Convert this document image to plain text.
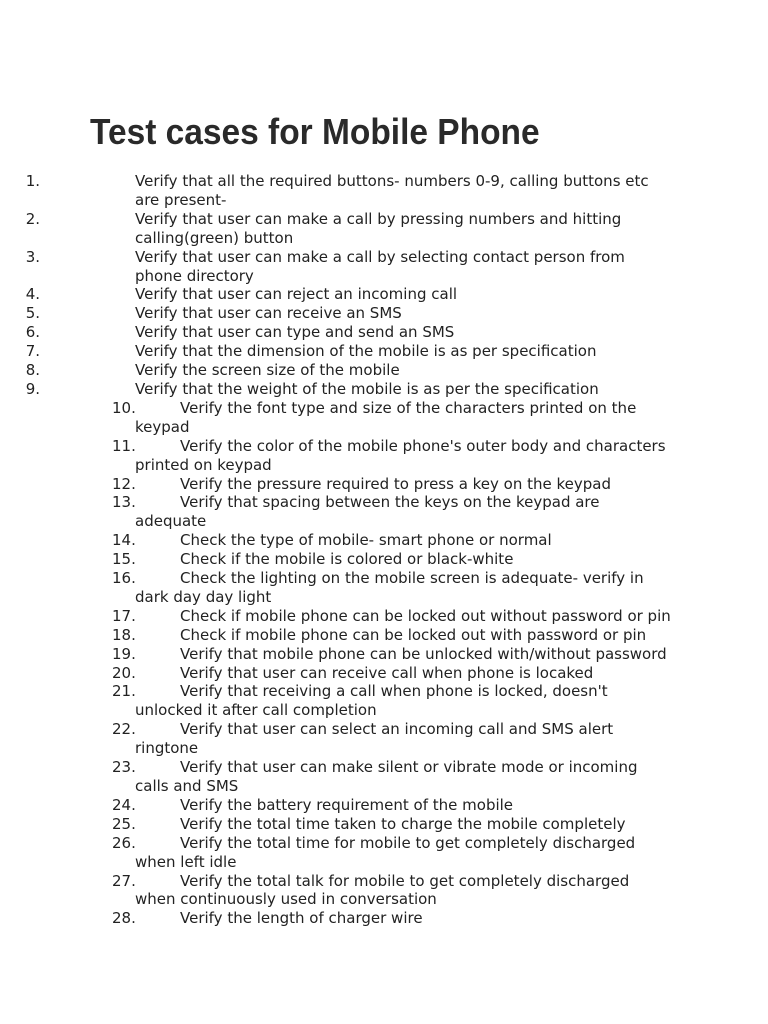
Test cases for Mobile Phone
1.	Verify that all the required buttons- numbers 0-9, calling buttons etc
are present-
2.	Verify that user can make a call by pressing numbers and hitting
calling(green) button
3.	Verify that user can make a call by selecting contact person from
phone directory
4.	Verify that user can reject an incoming call
5.	Verify that user can receive an SMS
6.	Verify that user can type and send an SMS
7.	Verify that the dimension of the mobile is as per specification
8.	Verify the screen size of the mobile
9.	Verify that the weight of the mobile is as per the specification
10.	Verify the font type and size of the characters printed on the
keypad
11.	Verify the color of the mobile phone's outer body and characters
printed on keypad
12.	Verify the pressure required to press a key on the keypad
13.	Verify that spacing between the keys on the keypad are
adequate
14.	Check the type of mobile- smart phone or normal
15.	Check if the mobile is colored or black-white
16.	Check the lighting on the mobile screen is adequate- verify in
dark day day light
17.	Check if mobile phone can be locked out without password or pin
18.	Check if mobile phone can be locked out with password or pin
19.	Verify that mobile phone can be unlocked with/without password
20.	Verify that user can receive call when phone is locaked
21.	Verify that receiving a call when phone is locked, doesn't
unlocked it after call completion
22.	Verify that user can select an incoming call and SMS alert
ringtone
23.	Verify that user can make silent or vibrate mode or incoming
calls and SMS
24.	Verify the battery requirement of the mobile
25.	Verify the total time taken to charge the mobile completely
26.	Verify the total time for mobile to get completely discharged
when left idle
27.	Verify the total talk for mobile to get completely discharged
when continuously used in conversation
28.	Verify the length of charger wire
